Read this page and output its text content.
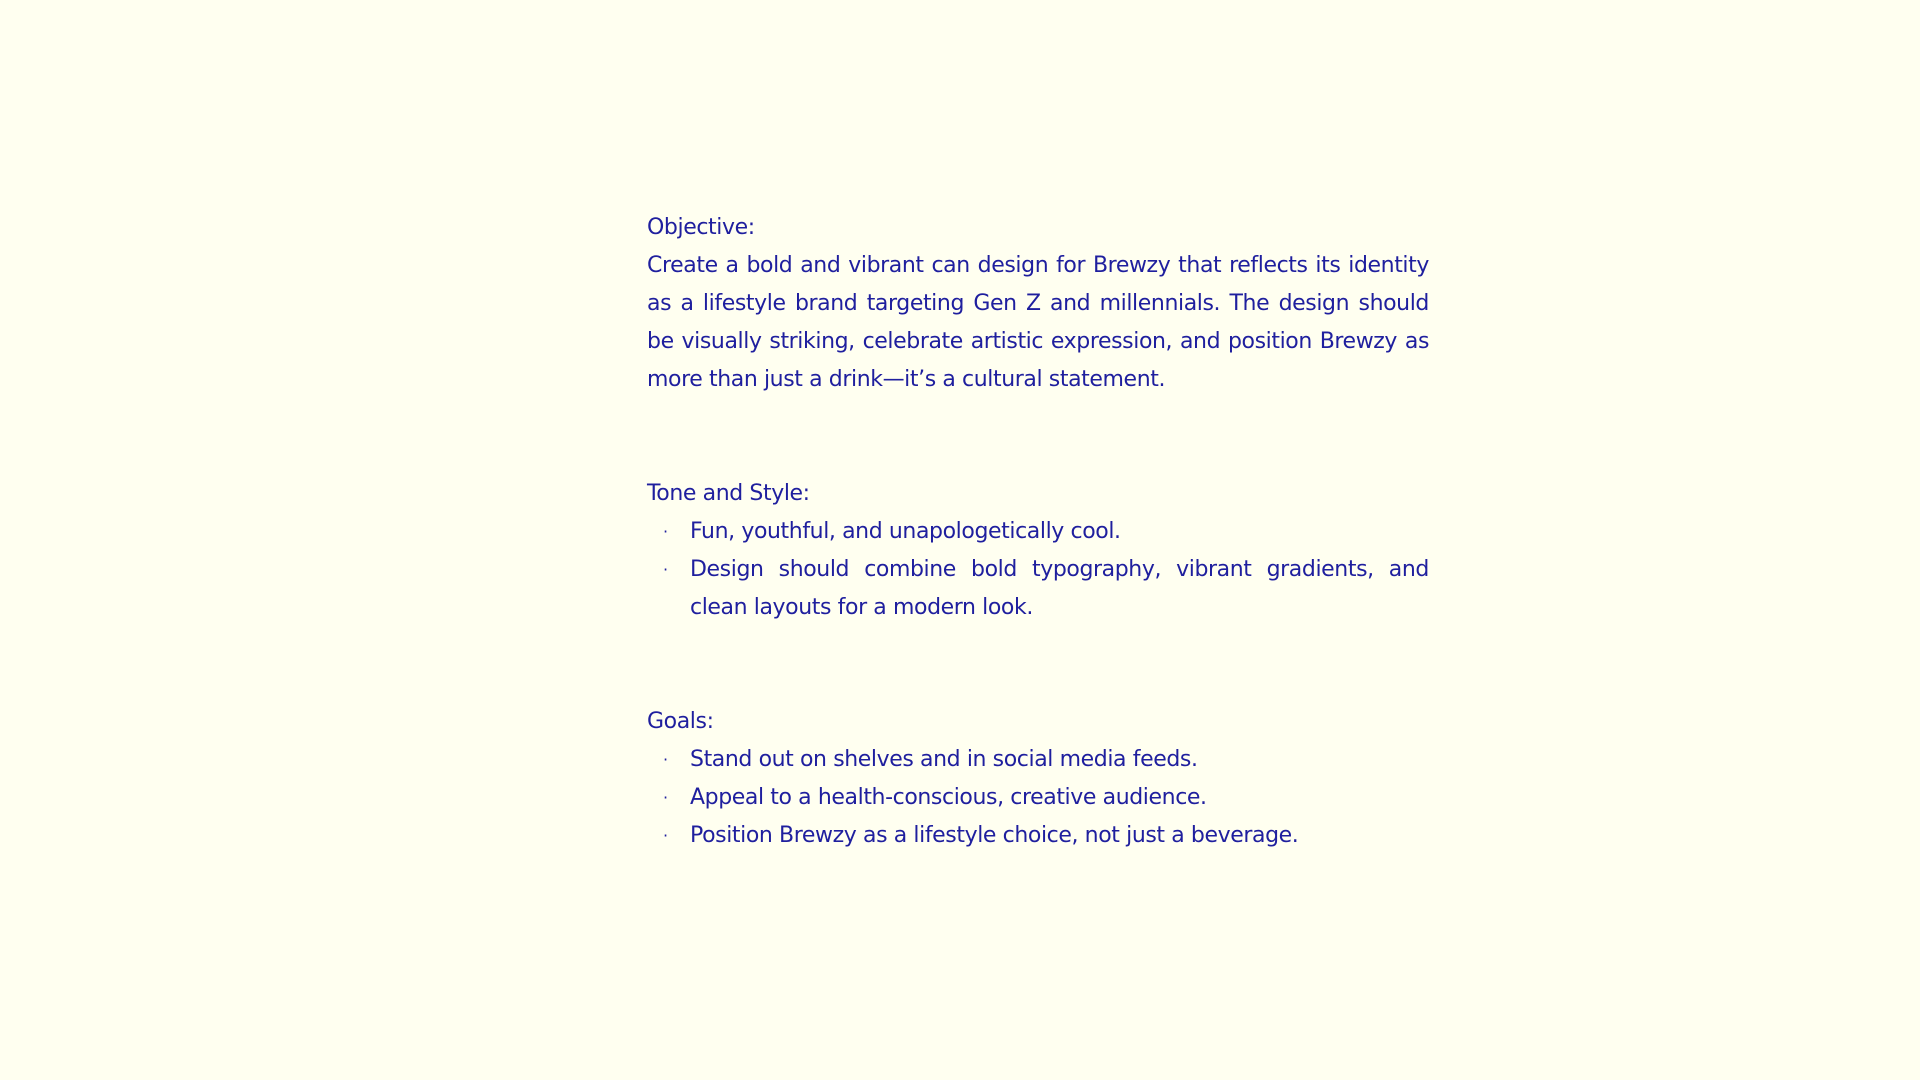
Objective:

Create a bold and vibrant can design for Brewzy that reflects its identity as a lifestyle brand targeting Gen Z and millennials. The design should be visually striking, celebrate artistic expression, and position Brewzy as more than just a drink—it’s a cultural statement.

Tone and Style:

· Fun, youthful, and unapologetically cool.
· Design should combine bold typography, vibrant gradients, and clean layouts for a modern look.

Goals:

· Stand out on shelves and in social media feeds.
· Appeal to a health-conscious, creative audience.
· Position Brewzy as a lifestyle choice, not just a beverage.
